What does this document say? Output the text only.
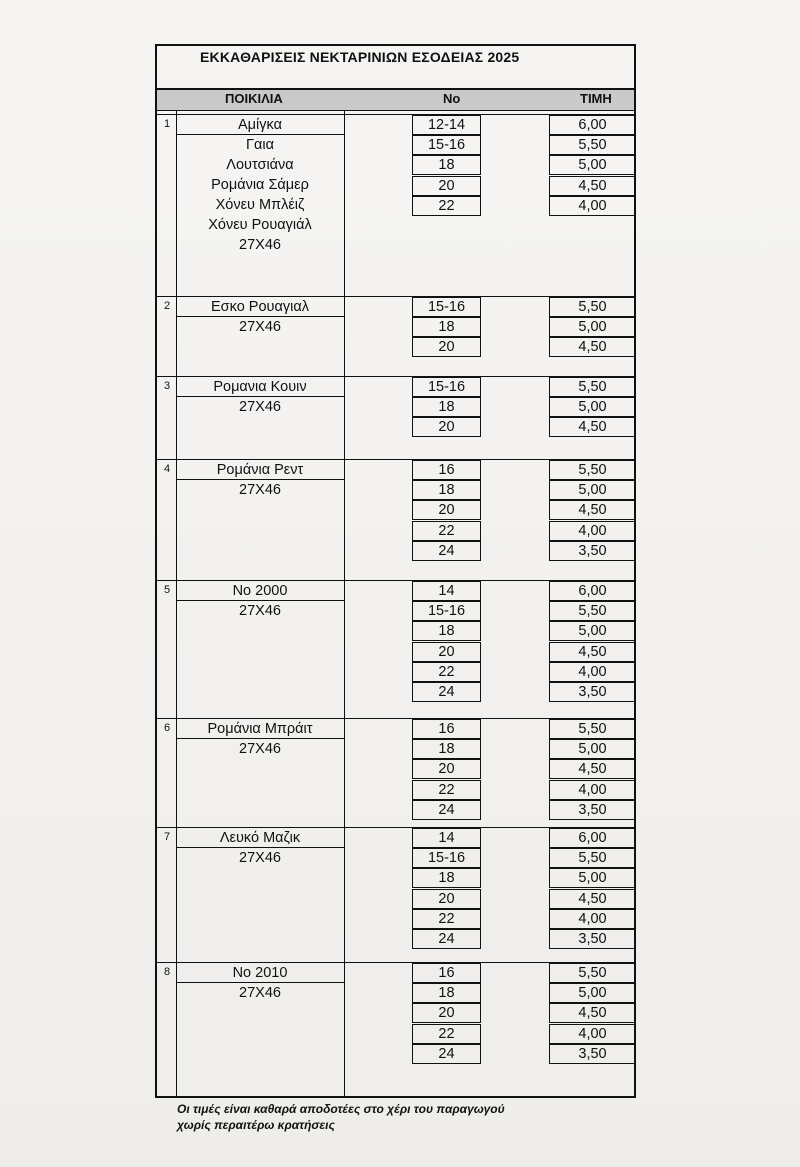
ΕΚΚΑΘΑΡΙΣΕΙΣ ΝΕΚΤΑΡΙΝΙΩΝ ΕΣΟΔΕΙΑΣ 2025
ΠΟΙΚΙΛΙΑ	No	ΤΙΜΗ
1	Αμίγκα
Γαια
Λουτσιάνα
Ρομάνια Σάμερ
Χόνευ Μπλέιζ
Χόνευ Ρουαγιάλ
27Χ46
12-14	6,00
15-16	5,50
18	5,00
20	4,50
22	4,00
2	Εσκο Ρουαγιαλ
27Χ46
15-16	5,50
18	5,00
20	4,50
3	Ρομανια Κουιν
27Χ46
15-16	5,50
18	5,00
20	4,50
4	Ρομάνια Ρεντ
27Χ46
16	5,50
18	5,00
20	4,50
22	4,00
24	3,50
5	Νο 2000
27Χ46
14	6,00
15-16	5,50
18	5,00
20	4,50
22	4,00
24	3,50
6	Ρομάνια Μπράιτ
27Χ46
16	5,50
18	5,00
20	4,50
22	4,00
24	3,50
7	Λευκό Μαζικ
27Χ46
14	6,00
15-16	5,50
18	5,00
20	4,50
22	4,00
24	3,50
8	Νο 2010
27Χ46
16	5,50
18	5,00
20	4,50
22	4,00
24	3,50
Οι τιμές είναι καθαρά αποδοτέες στο χέρι του παραγωγού
χωρίς περαιτέρω κρατήσεις
